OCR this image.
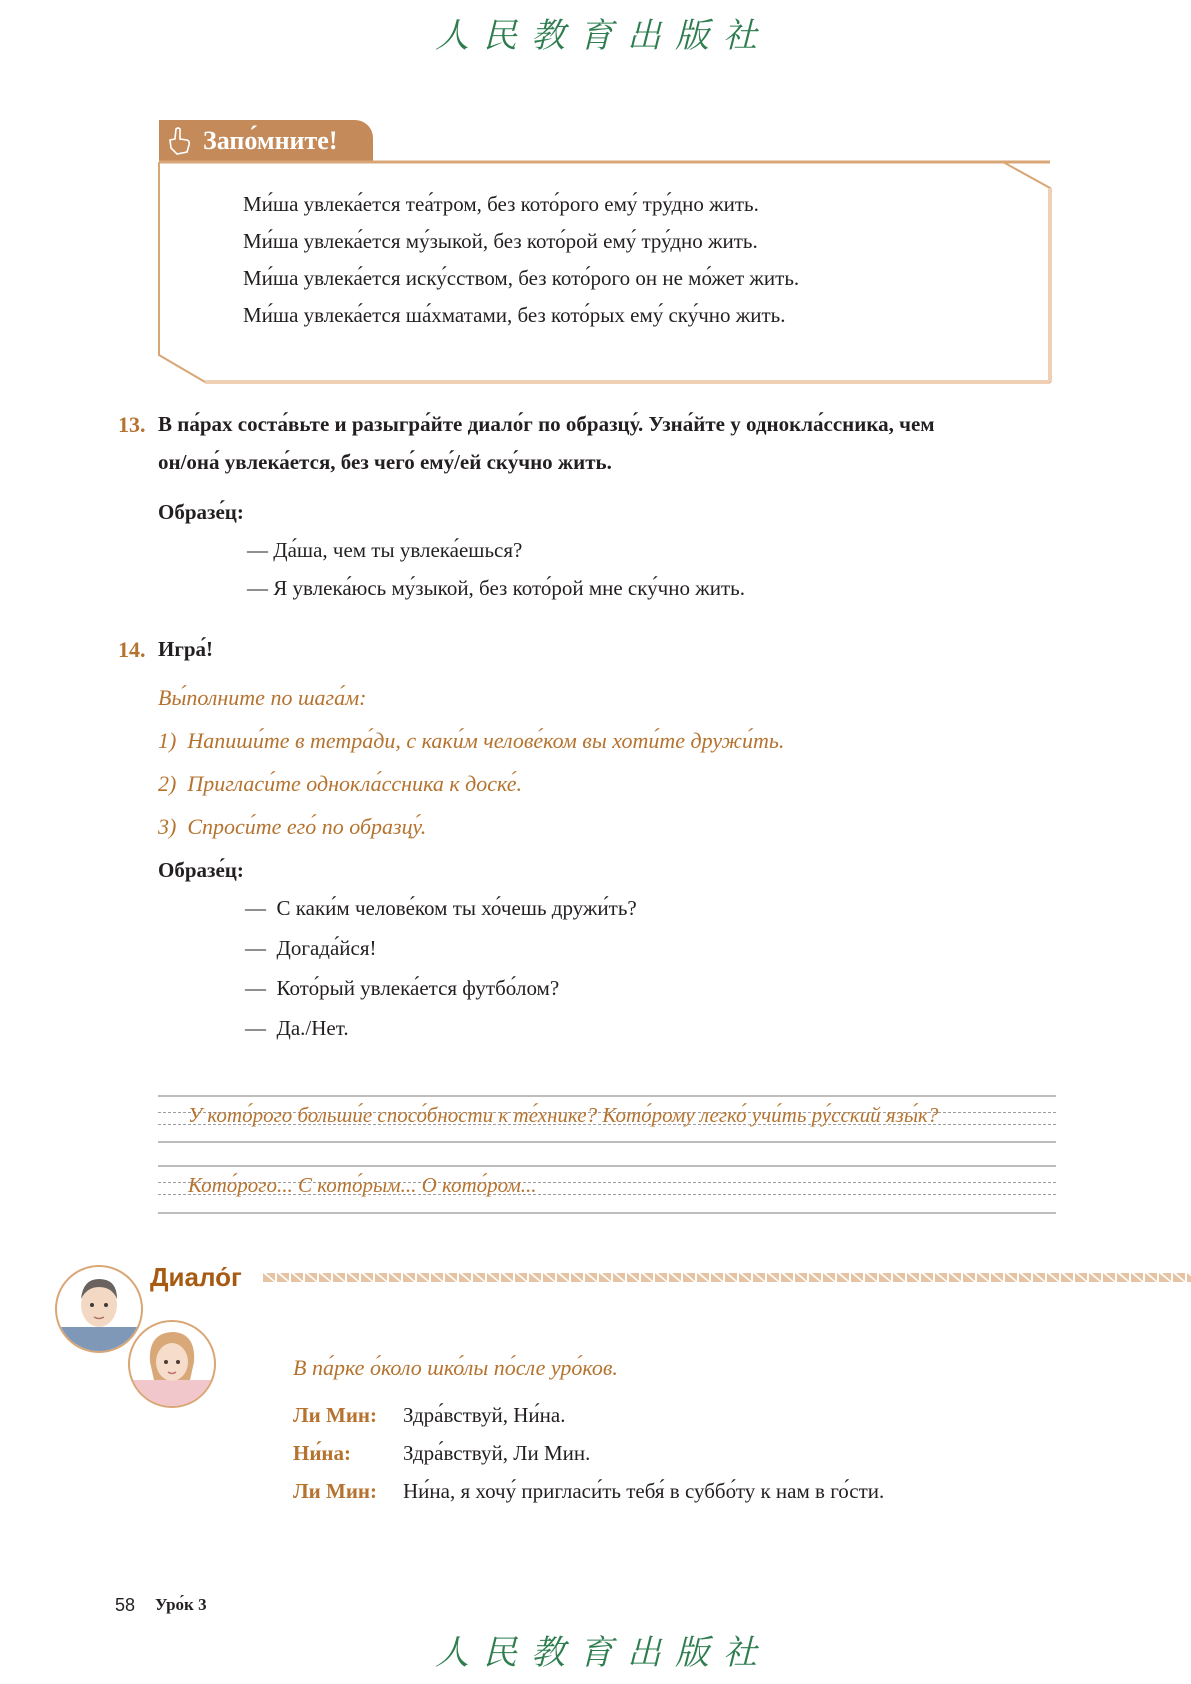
人民教育出版社
Запо́мните!
Ми́ша увлека́ется теа́тром, без кото́рого ему́ тру́дно жить.
Ми́ша увлека́ется му́зыкой, без кото́рой ему́ тру́дно жить.
Ми́ша увлека́ется иску́сством, без кото́рого он не мо́жет жить.
Ми́ша увлека́ется ша́хматами, без кото́рых ему́ ску́чно жить.
13. В па́рах соста́вьте и разыгра́йте диало́г по образцу́. Узна́йте у однокла́ссника, чем
он/она́ увлека́ется, без чего́ ему́/ей ску́чно жить.
Образе́ц:
— Да́ша, чем ты увлека́ешься?
— Я увлека́юсь му́зыкой, без кото́рой мне ску́чно жить.
14. Игра́!
Вы́полните по шага́м:
1) Напиши́те в тетра́ди, с каки́м челове́ком вы хоти́те дружи́ть.
2) Пригласи́те однокла́ссника к доске́.
3) Спроси́те его́ по образцу́.
Образе́ц:
— С каки́м челове́ком ты хо́чешь дружи́ть?
— Догада́йся!
— Кото́рый увлека́ется футбо́лом?
— Да./Нет.
У кото́рого больши́е спосо́бности к те́хнике? Кото́рому легко́ учи́ть ру́сский язы́к?
Кото́рого... С кото́рым... О кото́ром...
Диало́г
В па́рке о́коло шко́лы по́сле уро́ков.
Ли Мин: Здра́вствуй, Ни́на.
Ни́на: Здра́вствуй, Ли Мин.
Ли Мин: Ни́на, я хочу́ пригласи́ть тебя́ в суббо́ту к нам в го́сти.
58 Уро́к 3
人民教育出版社
